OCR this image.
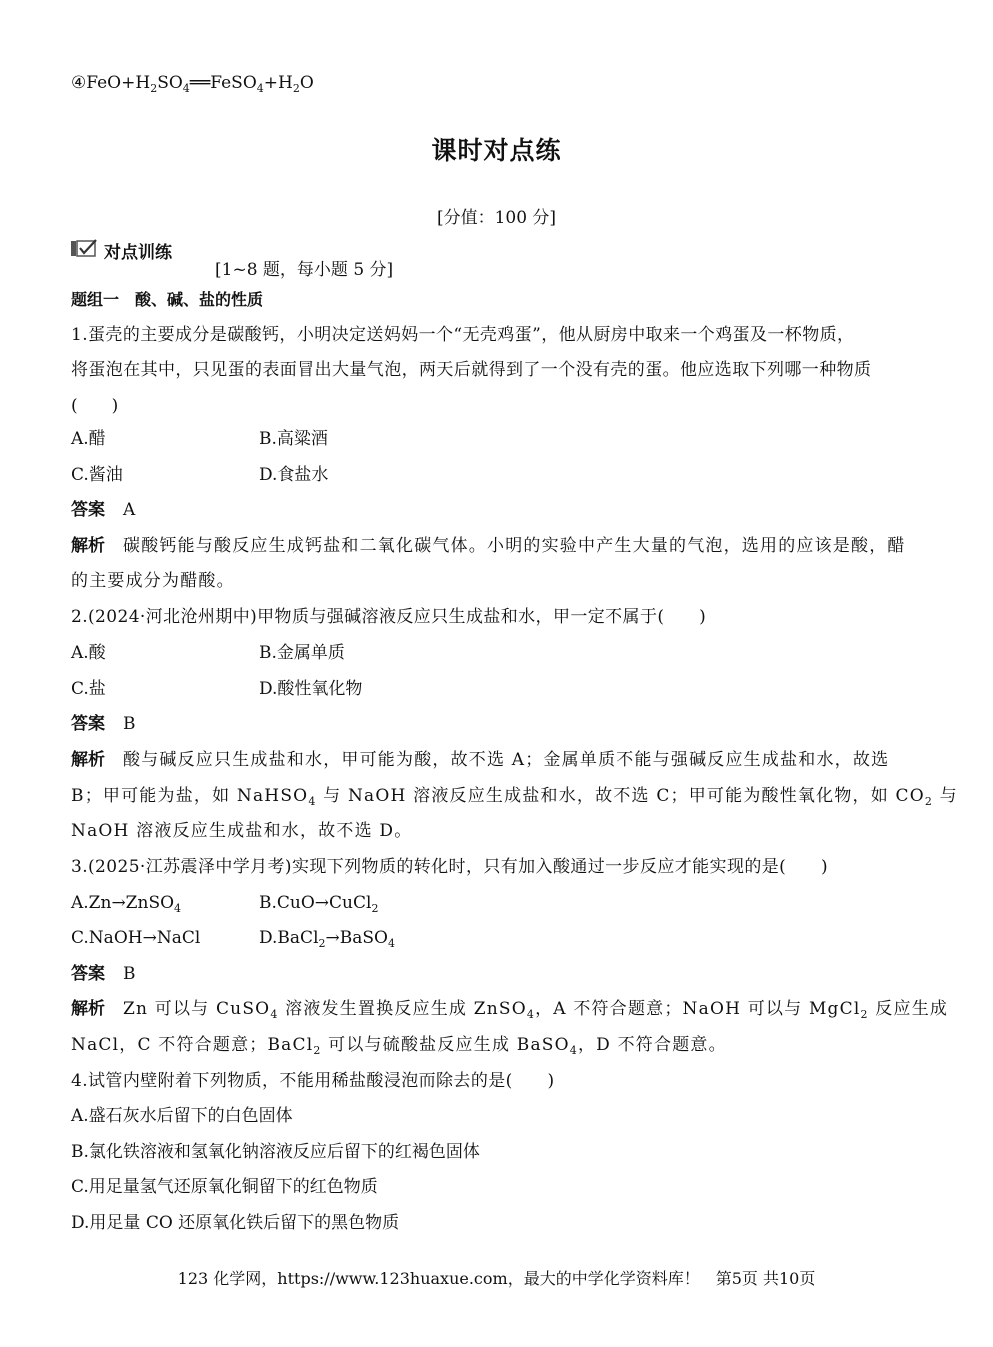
$④FeO+H_2SO_4══FeSO_4+H_2O$
课时对点练
[分值：100 分]
对点训练
[1~8 题，每小题 5 分]
题组一　酸、碱、盐的性质
1.蛋壳的主要成分是碳酸钙，小明决定送妈妈一个“无壳鸡蛋”，他从厨房中取来一个鸡蛋及一杯物质，
将蛋泡在其中，只见蛋的表面冒出大量气泡，两天后就得到了一个没有壳的蛋。他应选取下列哪一种物质
(　　)
A.醋	B.高粱酒
C.酱油	D.食盐水
答案 A
解析 碳酸钙能与酸反应生成钙盐和二氧化碳气体。小明的实验中产生大量的气泡，选用的应该是酸，醋
的主要成分为醋酸。
2.(2024·河北沧州期中)甲物质与强碱溶液反应只生成盐和水，甲一定不属于(　　)
A.酸	B.金属单质
C.盐	D.酸性氧化物
答案 B
解析 酸与碱反应只生成盐和水，甲可能为酸，故不选 A；金属单质不能与强碱反应生成盐和水，故选
B；甲可能为盐，如 NaHSO$_4$ 与 NaOH 溶液反应生成盐和水，故不选 C；甲可能为酸性氧化物，如 $CO_2$ 与
NaOH 溶液反应生成盐和水，故不选 D。
3.(2025·江苏震泽中学月考)实现下列物质的转化时，只有加入酸通过一步反应才能实现的是(　　)
A.Zn→ZnSO$_4$	B.CuO→CuCl$_2$
C.NaOH→NaCl	D.BaCl$_2$→BaSO$_4$
答案 B
解析 Zn 可以与 CuSO$_4$ 溶液发生置换反应生成 ZnSO$_4$，A 不符合题意；NaOH 可以与 MgCl$_2$ 反应生成
NaCl，C 不符合题意；BaCl$_2$ 可以与硫酸盐反应生成 BaSO$_4$，D 不符合题意。
4.试管内壁附着下列物质，不能用稀盐酸浸泡而除去的是(　　)
A.盛石灰水后留下的白色固体
B.氯化铁溶液和氢氧化钠溶液反应后留下的红褐色固体
C.用足量氢气还原氧化铜留下的红色物质
D.用足量 CO 还原氧化铁后留下的黑色物质
123 化学网，https://www.123huaxue.com，最大的中学化学资料库！　第5页 共10页
